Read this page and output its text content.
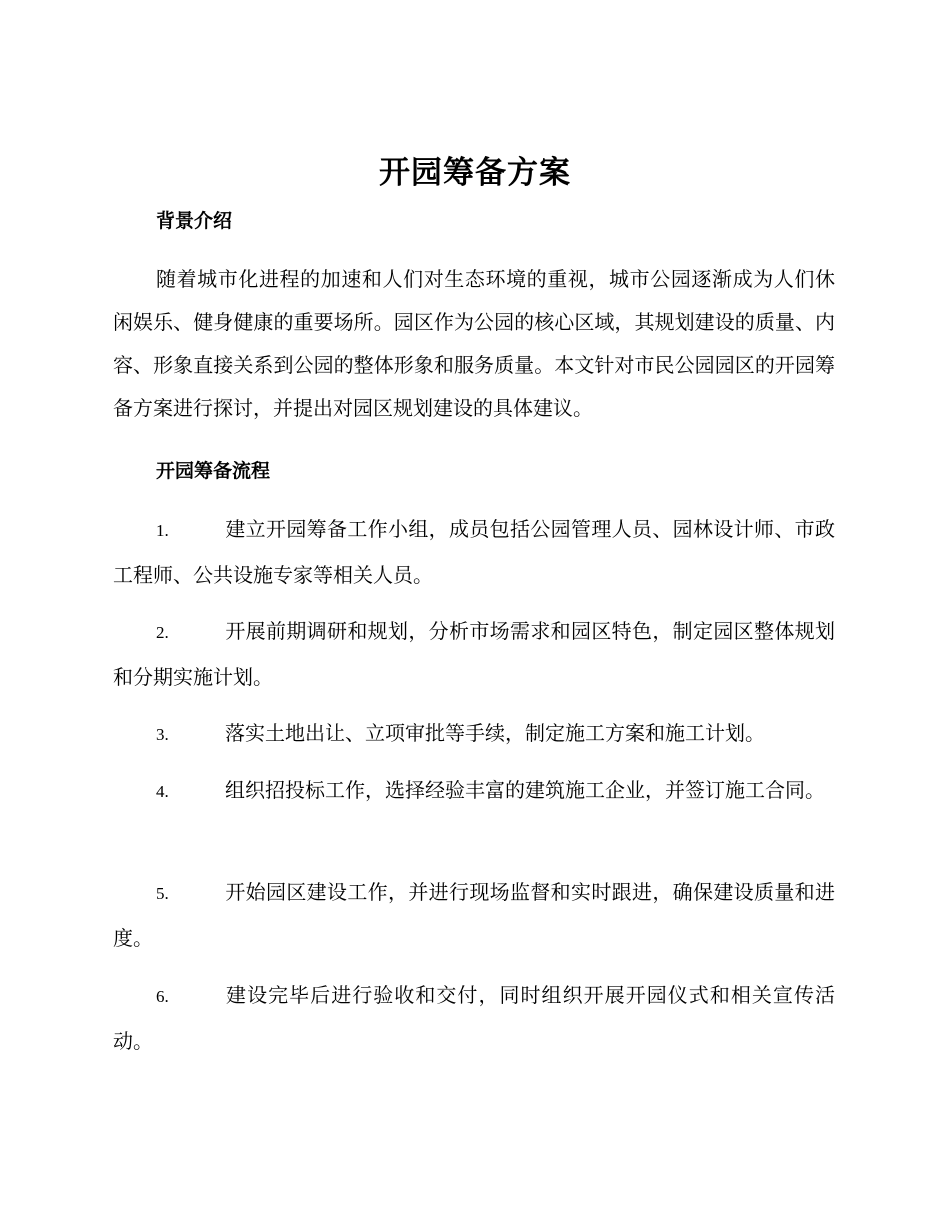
开园筹备方案
背景介绍
随着城市化进程的加速和人们对生态环境的重视，城市公园逐渐成为人们休闲娱乐、健身健康的重要场所。园区作为公园的核心区域，其规划建设的质量、内容、形象直接关系到公园的整体形象和服务质量。本文针对市民公园园区的开园筹备方案进行探讨，并提出对园区规划建设的具体建议。
开园筹备流程
1.	建立开园筹备工作小组，成员包括公园管理人员、园林设计师、市政工程师、公共设施专家等相关人员。
2.	开展前期调研和规划，分析市场需求和园区特色，制定园区整体规划和分期实施计划。
3.	落实土地出让、立项审批等手续，制定施工方案和施工计划。
4.	组织招投标工作，选择经验丰富的建筑施工企业，并签订施工合同。
5.	开始园区建设工作，并进行现场监督和实时跟进，确保建设质量和进度。
6.	建设完毕后进行验收和交付，同时组织开展开园仪式和相关宣传活动。
